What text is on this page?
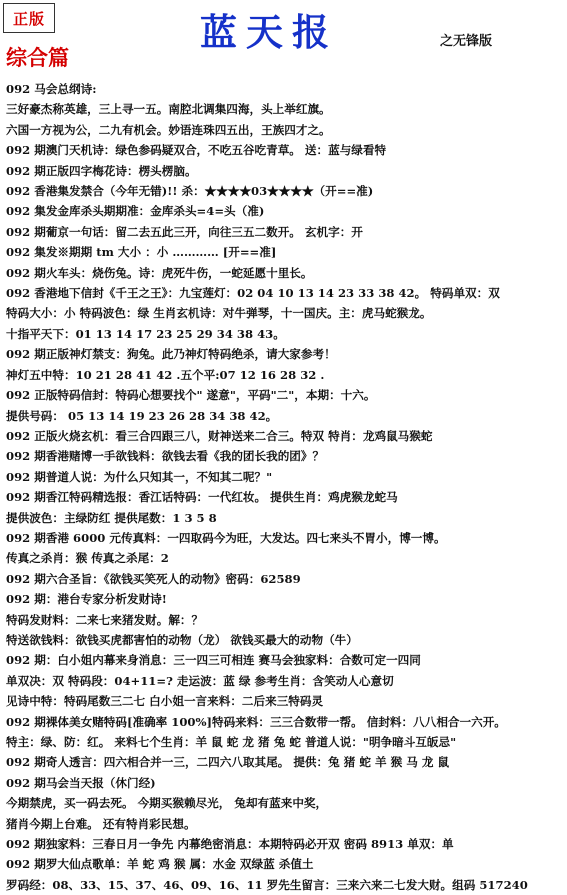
正版	蓝天报	之无锋版
综合篇
092 马会总纲诗:
三好豪杰称英雄，三上寻一五。南腔北调集四海，头上举红旗。
六国一方视为公，二九有机会。妙语连珠四五出，王族四才之。
092 期澳门天机诗：绿色参码疑双合，不吃五谷吃青草。 送：蓝与绿看特
092 期正版四字梅花诗：楞头楞脑。
092 香港集发禁合（今年无错)!! 杀：★★★★03★★★★（开==准)
092 集发金库杀头期期准：金库杀头=4=头（准)
092 期葡京一句话：留二去五此三开，向往三五二数开。 玄机字：开
092 集发※期期 tm 大小 ：小 ………… [开==准]
092 期火车头：烧伤兔。诗：虎死牛伤，一蛇延愿十里长。
092 香港地下信封《千王之王》：九宝莲灯：02 04 10 13 14 23 33 38 42。 特码单双：双
特码大小：小 特码波色：绿 生肖玄机诗：对牛弹琴，十一国庆。主：虎马蛇猴龙。
十指平天下：01 13 14 17 23 25 29 34 38 43。
092 期正版神灯禁支：狗兔。此乃神灯特码绝杀，请大家参考！
神灯五中特：10 21 28 41 42 .五个平:07 12 16 28 32 .
092 正版特码信封：特码心想要找个" 遂意"，平码"二"，本期：十六。
提供号码： 05 13 14 19 23 26 28 34 38 42。
092 正版火烧玄机：看三合四跟三八，财神送来二合三。特双 特肖：龙鸡鼠马猴蛇
092 期香港赌博一手欲钱料：欲钱去看《我的团长我的团》？
092 期普道人说：为什么只知其一，不知其二呢？"
092 期香江特码精选报：香江话特码：一代红妆。 提供生肖：鸡虎猴龙蛇马
提供波色：主绿防红 提供尾数：1 3 5 8
092 期香港 6000 元传真料：一四取码今为旺，大发达。四七来头不胃小，博一博。
传真之杀肖：猴 传真之杀尾：2
092 期六合圣旨：《欲钱买笑死人的动物》密码：62589
092 期：港台专家分析发财诗!
特码发财料：二来七来猪发财。解：？
特送欲钱料：欲钱买虎都害怕的动物（龙） 欲钱买最大的动物（牛）
092 期：白小姐内幕来身消息：三一四三可相连 赛马会独家料：合数可定一四同
单双决：双 特码段：04+11=? 走运波：蓝 绿 参考生肖：含笑动人心意切
见诗中特：特码尾数三二七 白小姐一言来料：二后来三特码灵
092 期裸体美女赌特码[准确率 100%]特码来料：三三合数带一帮。 信封料：八八相合一六开。
特主：绿、防：红。 来料七个生肖：羊 鼠 蛇 龙 猪 兔 蛇 普道人说："明争暗斗互皈忌"
092 期奇人透言：四六相合并一三，二四六八取其尾。 提供：兔 猪 蛇 羊 猴 马 龙 鼠
092 期马会当天报（休门经)
今期禁虎，买一码去死。 今期买猴赖尽光， 兔却有蓝来中奖，
猪肖今期上台难。 还有特肖彩民想。
092 期独家料：三春日月一争先 内幕绝密消息：本期特码必开双 密码 8913 单双：单
092 期罗大仙点歌单：羊 蛇 鸡 猴 属：水金 双绿蓝 杀值土
罗码经：08、33、15、37、46、09、16、11 罗先生留言：三来六来二七发大财。组码 517240
